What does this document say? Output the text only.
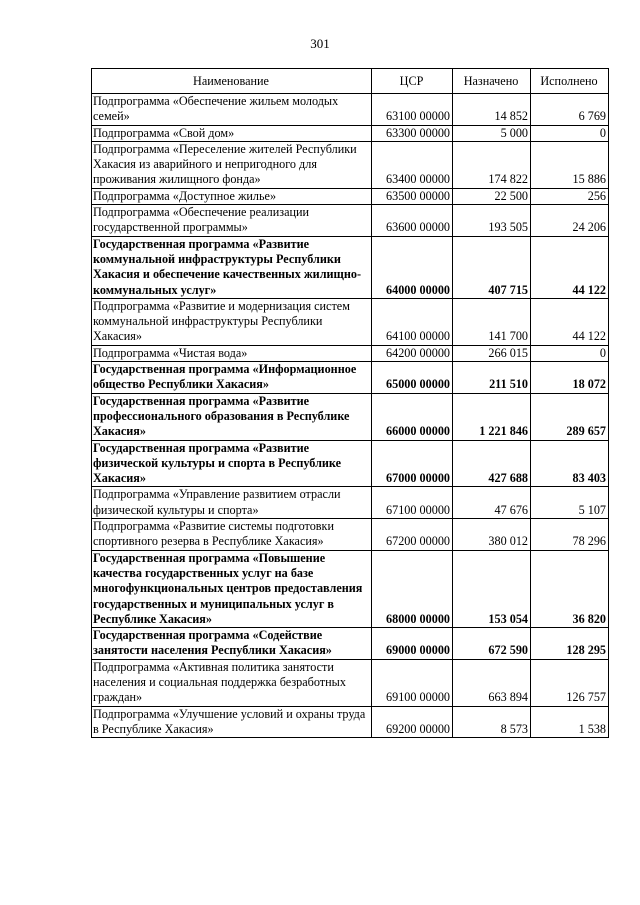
301
Наименование	ЦСР	Назначено	Исполнено
Подпрограмма «Обеспечение жильем молодых семей»	63100 00000	14 852	6 769
Подпрограмма «Свой дом»	63300 00000	5 000	0
Подпрограмма «Переселение жителей Республики Хакасия из аварийного и непригодного для проживания жилищного фонда»	63400 00000	174 822	15 886
Подпрограмма «Доступное жилье»	63500 00000	22 500	256
Подпрограмма «Обеспечение реализации государственной программы»	63600 00000	193 505	24 206
Государственная программа «Развитие коммунальной инфраструктуры Республики Хакасия и обеспечение качественных жилищно-коммунальных услуг»	64000 00000	407 715	44 122
Подпрограмма «Развитие и модернизация систем коммунальной инфраструктуры Республики Хакасия»	64100 00000	141 700	44 122
Подпрограмма «Чистая вода»	64200 00000	266 015	0
Государственная программа «Информационное общество Республики Хакасия»	65000 00000	211 510	18 072
Государственная программа «Развитие профессионального образования в Республике Хакасия»	66000 00000	1 221 846	289 657
Государственная программа «Развитие физической культуры и спорта в Республике Хакасия»	67000 00000	427 688	83 403
Подпрограмма «Управление развитием отрасли физической культуры и спорта»	67100 00000	47 676	5 107
Подпрограмма «Развитие системы подготовки спортивного резерва в Республике Хакасия»	67200 00000	380 012	78 296
Государственная программа «Повышение качества государственных услуг на базе многофункциональных центров предоставления государственных и муниципальных услуг в Республике Хакасия»	68000 00000	153 054	36 820
Государственная программа «Содействие занятости населения Республики Хакасия»	69000 00000	672 590	128 295
Подпрограмма «Активная политика занятости населения и социальная поддержка безработных граждан»	69100 00000	663 894	126 757
Подпрограмма «Улучшение условий и охраны труда в Республике Хакасия»	69200 00000	8 573	1 538
